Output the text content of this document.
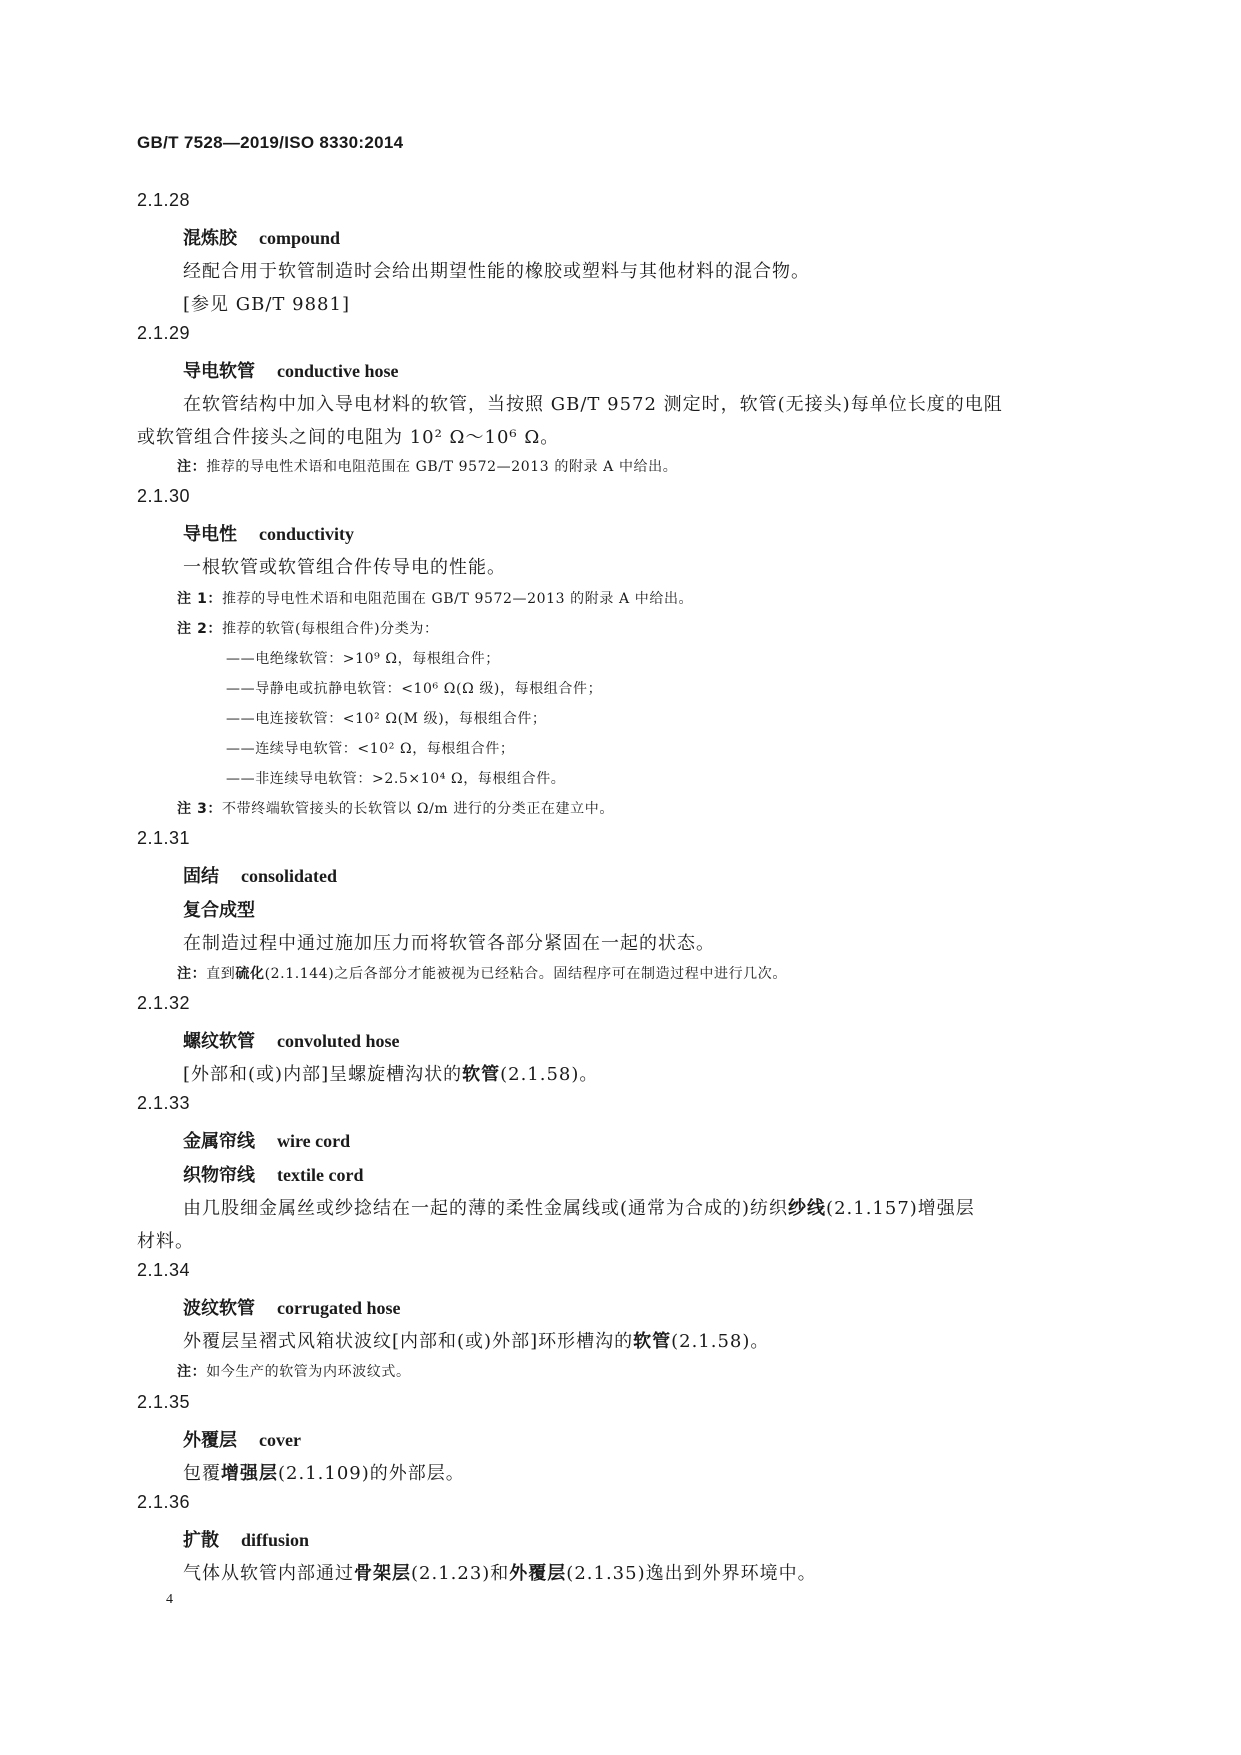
GB/T 7528—2019/ISO 8330:2014
2.1.28
混炼胶 compound
经配合用于软管制造时会给出期望性能的橡胶或塑料与其他材料的混合物。
[参见 GB/T 9881]
2.1.29
导电软管 conductive hose
在软管结构中加入导电材料的软管，当按照 GB/T 9572 测定时，软管(无接头)每单位长度的电阻
或软管组合件接头之间的电阻为 10² Ω～10⁶ Ω。
注：推荐的导电性术语和电阻范围在 GB/T 9572—2013 的附录 A 中给出。
2.1.30
导电性 conductivity
一根软管或软管组合件传导电的性能。
注 1：推荐的导电性术语和电阻范围在 GB/T 9572—2013 的附录 A 中给出。
注 2：推荐的软管(每根组合件)分类为：
——电绝缘软管：>10⁹ Ω，每根组合件；
——导静电或抗静电软管：<10⁶ Ω(Ω 级)，每根组合件；
——电连接软管：<10² Ω(M 级)，每根组合件；
——连续导电软管：<10² Ω，每根组合件；
——非连续导电软管：>2.5×10⁴ Ω，每根组合件。
注 3：不带终端软管接头的长软管以 Ω/m 进行的分类正在建立中。
2.1.31
固结 consolidated
复合成型
在制造过程中通过施加压力而将软管各部分紧固在一起的状态。
注：直到硫化(2.1.144)之后各部分才能被视为已经粘合。固结程序可在制造过程中进行几次。
2.1.32
螺纹软管 convoluted hose
[外部和(或)内部]呈螺旋槽沟状的软管(2.1.58)。
2.1.33
金属帘线 wire cord
织物帘线 textile cord
由几股细金属丝或纱捻结在一起的薄的柔性金属线或(通常为合成的)纺织纱线(2.1.157)增强层
材料。
2.1.34
波纹软管 corrugated hose
外覆层呈褶式风箱状波纹[内部和(或)外部]环形槽沟的软管(2.1.58)。
注：如今生产的软管为内环波纹式。
2.1.35
外覆层 cover
包覆增强层(2.1.109)的外部层。
2.1.36
扩散 diffusion
气体从软管内部通过骨架层(2.1.23)和外覆层(2.1.35)逸出到外界环境中。
4
